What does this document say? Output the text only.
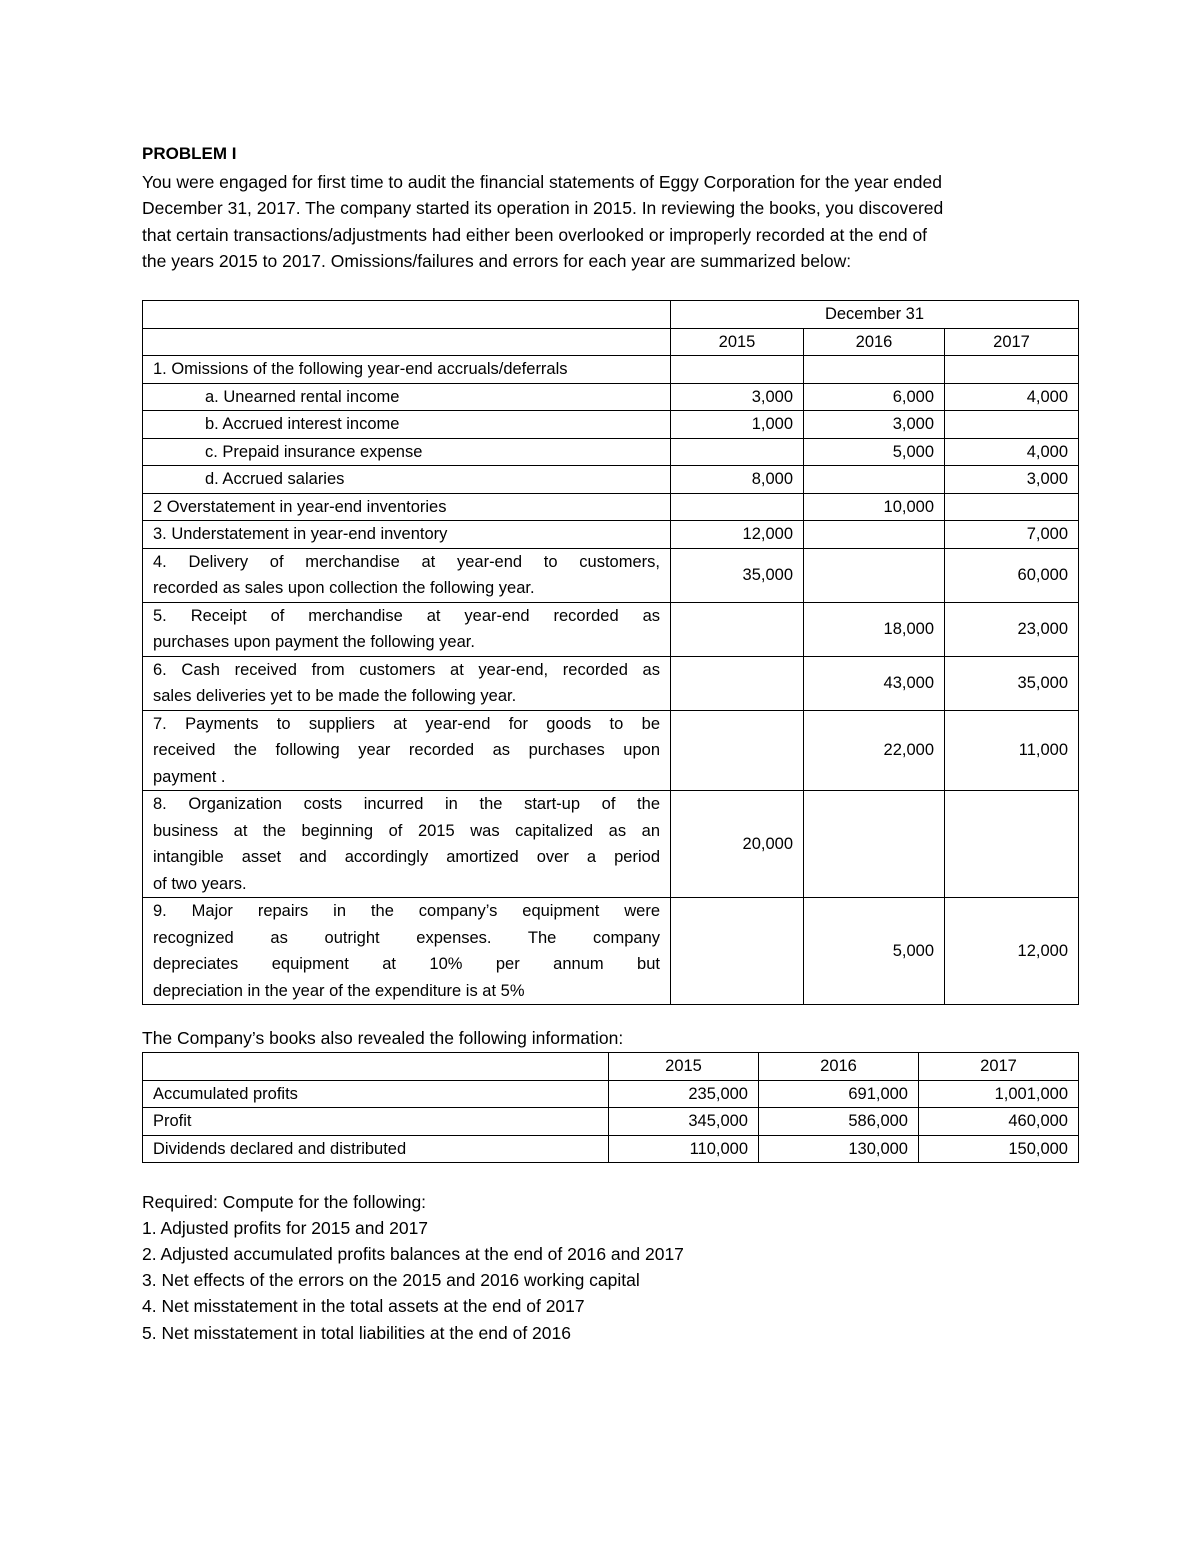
PROBLEM I
You were engaged for first time to audit the financial statements of Eggy Corporation for the year ended
December 31, 2017. The company started its operation in 2015. In reviewing the books, you discovered
that certain transactions/adjustments had either been overlooked or improperly recorded at the end of
the years 2015 to 2017. Omissions/failures and errors for each year are summarized below:
	December 31		
	2015	2016	2017
1. Omissions of the following year-end accruals/deferrals			
a. Unearned rental income	3,000	6,000	4,000
b. Accrued interest income	1,000	3,000	
c. Prepaid insurance expense		5,000	4,000
d. Accrued salaries	8,000		3,000
2 Overstatement in year-end inventories		10,000	
3. Understatement in year-end inventory	12,000		7,000

4. Delivery of merchandise at year-end to customers,
recorded as sales upon collection the following year.	35,000		60,000

5. Receipt of merchandise at year-end recorded as
purchases upon payment the following year.		18,000	23,000

6. Cash received from customers at year-end, recorded as
sales deliveries yet to be made the following year.		43,000	35,000

7. Payments to suppliers at year-end for goods to be
received the following year recorded as purchases upon
payment .		22,000	11,000

8. Organization costs incurred in the start-up of the
business at the beginning of 2015 was capitalized as an
intangible asset and accordingly amortized over a period
of two years.	20,000		

9. Major repairs in the company’s equipment were
recognized as outright expenses. The company
depreciates equipment at 10% per annum but
depreciation in the year of the expenditure is at 5%		5,000	12,000
The Company’s books also revealed the following information:
	2015	2016	2017
Accumulated profits	235,000	691,000	1,001,000
Profit	345,000	586,000	460,000
Dividends declared and distributed	110,000	130,000	150,000
Required: Compute for the following:
1. Adjusted profits for 2015 and 2017
2. Adjusted accumulated profits balances at the end of 2016 and 2017
3. Net effects of the errors on the 2015 and 2016 working capital
4. Net misstatement in the total assets at the end of 2017
5. Net misstatement in total liabilities at the end of 2016
